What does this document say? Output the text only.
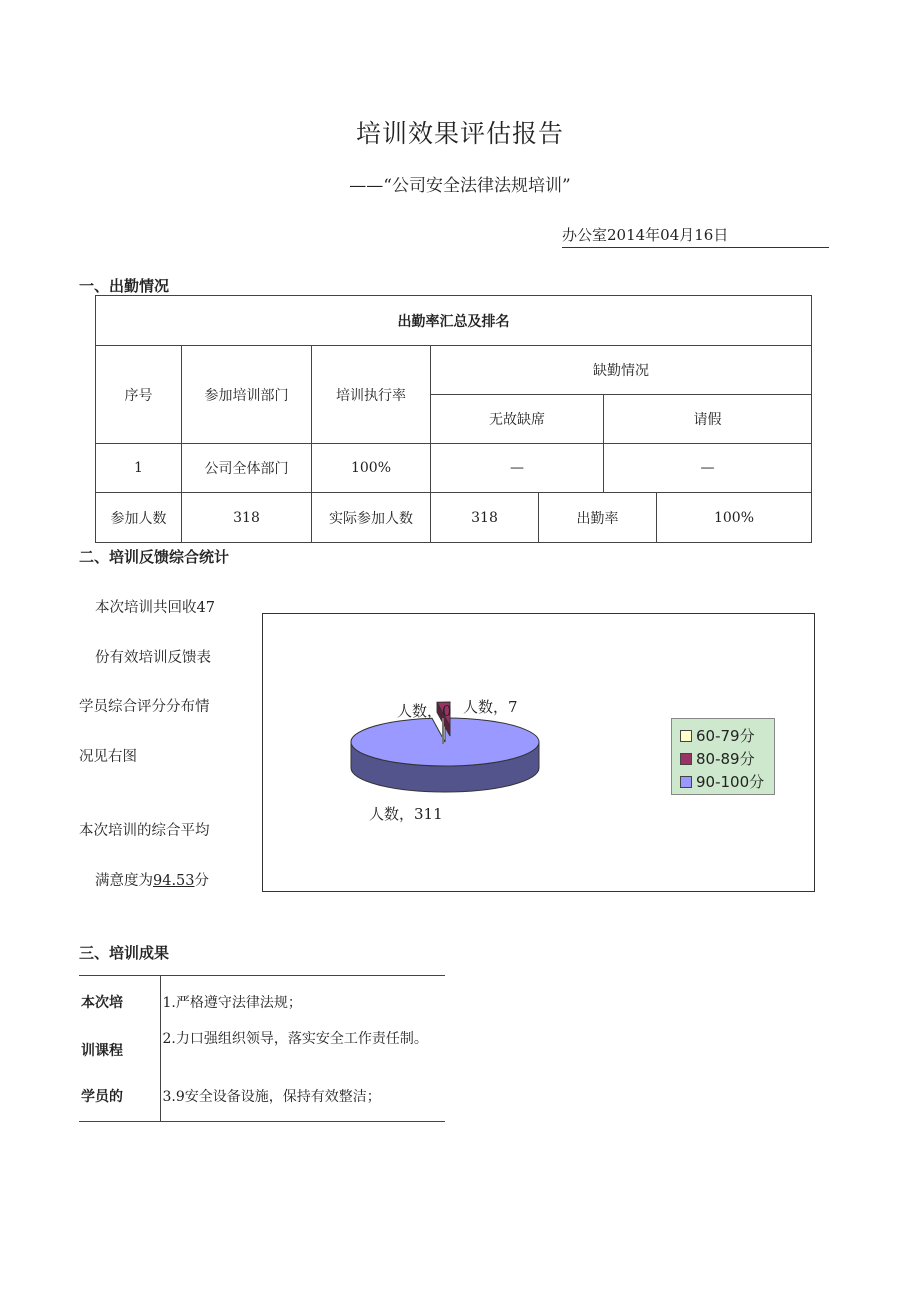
培训效果评估报告
——“公司安全法律法规培训”
办公室2014年04月16日
一、出勤情况
出勤率汇总及排名						
序号	参加培训部门	培训执行率	缺勤情况			
			无故缺席		请假	
1	公司全体部门	100%	—		—	
参加人数	318	实际参加人数	318	出勤率		100%
二、培训反馈综合统计
本次培训共回收47
份有效培训反馈表
学员综合评分分布情
况见右图
本次培训的综合平均
满意度为94.53分
人数，0 人数，7
人数，311
60-79分
80-89分
90-100分
三、培训成果
本次培	1.严格遵守法律法规；
训课程	2.力口强组织领导，落实安全工作责任制。
学员的	3.9安全设备设施，保持有效整洁；
